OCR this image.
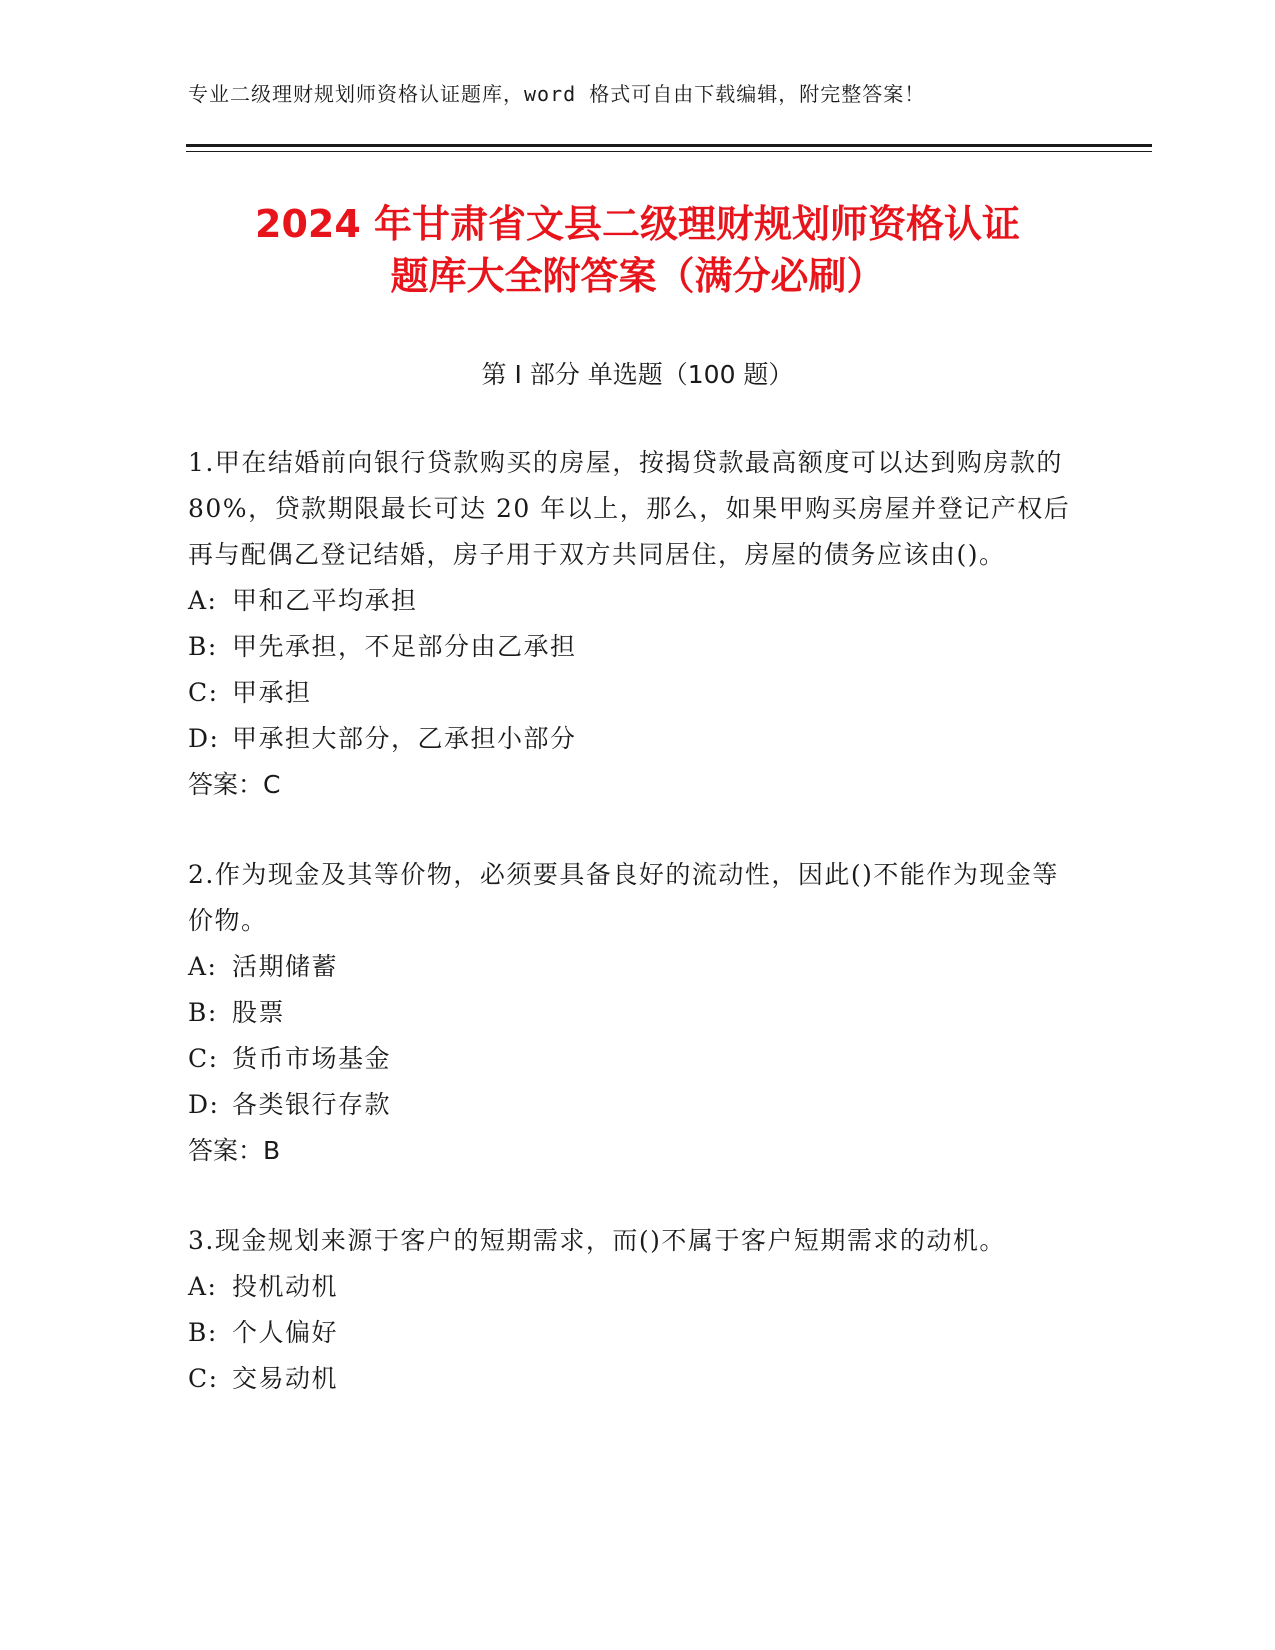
专业二级理财规划师资格认证题库，word 格式可自由下载编辑，附完整答案！
2024 年甘肃省文县二级理财规划师资格认证
题库大全附答案（满分必刷）
第 I 部分 单选题（100 题）

1.甲在结婚前向银行贷款购买的房屋，按揭贷款最高额度可以达到购房款的 80%，贷款期限最长可达 20 年以上，那么，如果甲购买房屋并登记产权后再与配偶乙登记结婚，房子用于双方共同居住，房屋的债务应该由()。

A: 甲和乙平均承担
B: 甲先承担，不足部分由乙承担
C: 甲承担
D: 甲承担大部分，乙承担小部分
答案：C

2.作为现金及其等价物，必须要具备良好的流动性，因此()不能作为现金等价物。

A: 活期储蓄
B: 股票
C: 货币市场基金
D: 各类银行存款
答案：B

3.现金规划来源于客户的短期需求，而()不属于客户短期需求的动机。

A: 投机动机
B: 个人偏好
C: 交易动机
